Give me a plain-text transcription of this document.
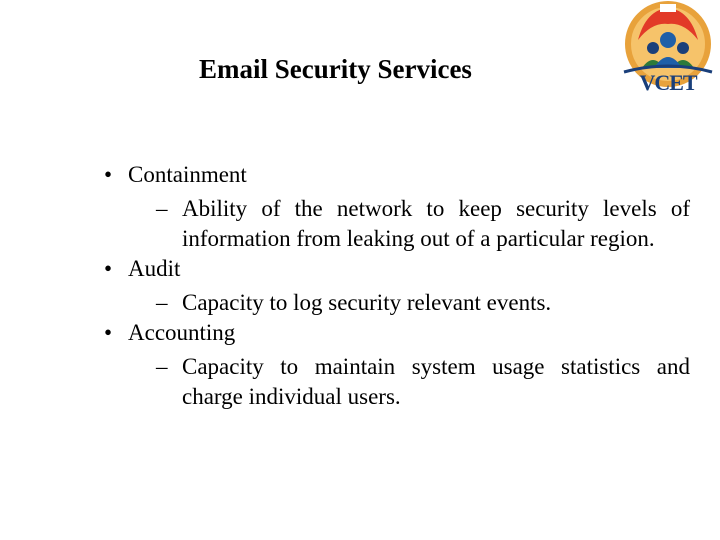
Email Security Services	VCET
• Containment
– Ability of the network to keep security levels of information from leaking out of a particular region.
• Audit
– Capacity to log security relevant events.
• Accounting
– Capacity to maintain system usage statistics and charge individual users.
